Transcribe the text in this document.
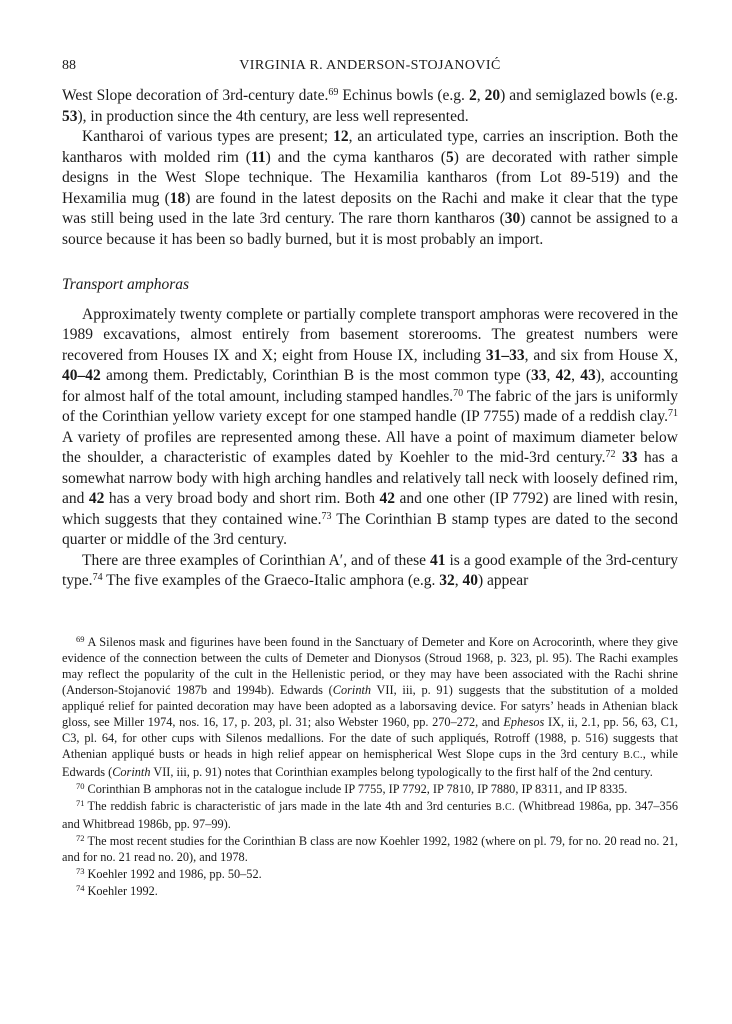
88	VIRGINIA R. ANDERSON-STOJANOVIĆ

West Slope decoration of 3rd-century date.$^{69}$ Echinus bowls (e.g. 2, 20) and semiglazed bowls (e.g. 53), in production since the 4th century, are less well represented.

Kantharoi of various types are present; 12, an articulated type, carries an inscription. Both the kantharos with molded rim (11) and the cyma kantharos (5) are decorated with rather simple designs in the West Slope technique. The Hexamilia kantharos (from Lot 89-519) and the Hexamilia mug (18) are found in the latest deposits on the Rachi and make it clear that the type was still being used in the late 3rd century. The rare thorn kantharos (30) cannot be assigned to a source because it has been so badly burned, but it is most probably an import.

Transport amphoras

Approximately twenty complete or partially complete transport amphoras were recovered in the 1989 excavations, almost entirely from basement storerooms. The greatest numbers were recovered from Houses IX and X; eight from House IX, including 31–33, and six from House X, 40–42 among them. Predictably, Corinthian B is the most common type (33, 42, 43), accounting for almost half of the total amount, including stamped handles.$^{70}$ The fabric of the jars is uniformly of the Corinthian yellow variety except for one stamped handle (IP 7755) made of a reddish clay.$^{71}$ A variety of profiles are represented among these. All have a point of maximum diameter below the shoulder, a characteristic of examples dated by Koehler to the mid-3rd century.$^{72}$ 33 has a somewhat narrow body with high arching handles and relatively tall neck with loosely defined rim, and 42 has a very broad body and short rim. Both 42 and one other (IP 7792) are lined with resin, which suggests that they contained wine.$^{73}$ The Corinthian B stamp types are dated to the second quarter or middle of the 3rd century.

There are three examples of Corinthian A′, and of these 41 is a good example of the 3rd-century type.$^{74}$ The five examples of the Graeco-Italic amphora (e.g. 32, 40) appear

$^{69}$ A Silenos mask and figurines have been found in the Sanctuary of Demeter and Kore on Acrocorinth, where they give evidence of the connection between the cults of Demeter and Dionysos (Stroud 1968, p. 323, pl. 95). The Rachi examples may reflect the popularity of the cult in the Hellenistic period, or they may have been associated with the Rachi shrine (Anderson-Stojanović 1987b and 1994b). Edwards (Corinth VII, iii, p. 91) suggests that the substitution of a molded appliqué relief for painted decoration may have been adopted as a laborsaving device. For satyrs’ heads in Athenian black gloss, see Miller 1974, nos. 16, 17, p. 203, pl. 31; also Webster 1960, pp. 270–272, and Ephesos IX, ii, 2.1, pp. 56, 63, C1, C3, pl. 64, for other cups with Silenos medallions. For the date of such appliqués, Rotroff (1988, p. 516) suggests that Athenian appliqué busts or heads in high relief appear on hemispherical West Slope cups in the 3rd century B.C., while Edwards (Corinth VII, iii, p. 91) notes that Corinthian examples belong typologically to the first half of the 2nd century.

$^{70}$ Corinthian B amphoras not in the catalogue include IP 7755, IP 7792, IP 7810, IP 7880, IP 8311, and IP 8335.

$^{71}$ The reddish fabric is characteristic of jars made in the late 4th and 3rd centuries B.C. (Whitbread 1986a, pp. 347–356 and Whitbread 1986b, pp. 97–99).

$^{72}$ The most recent studies for the Corinthian B class are now Koehler 1992, 1982 (where on pl. 79, for no. 20 read no. 21, and for no. 21 read no. 20), and 1978.

$^{73}$ Koehler 1992 and 1986, pp. 50–52.

$^{74}$ Koehler 1992.
